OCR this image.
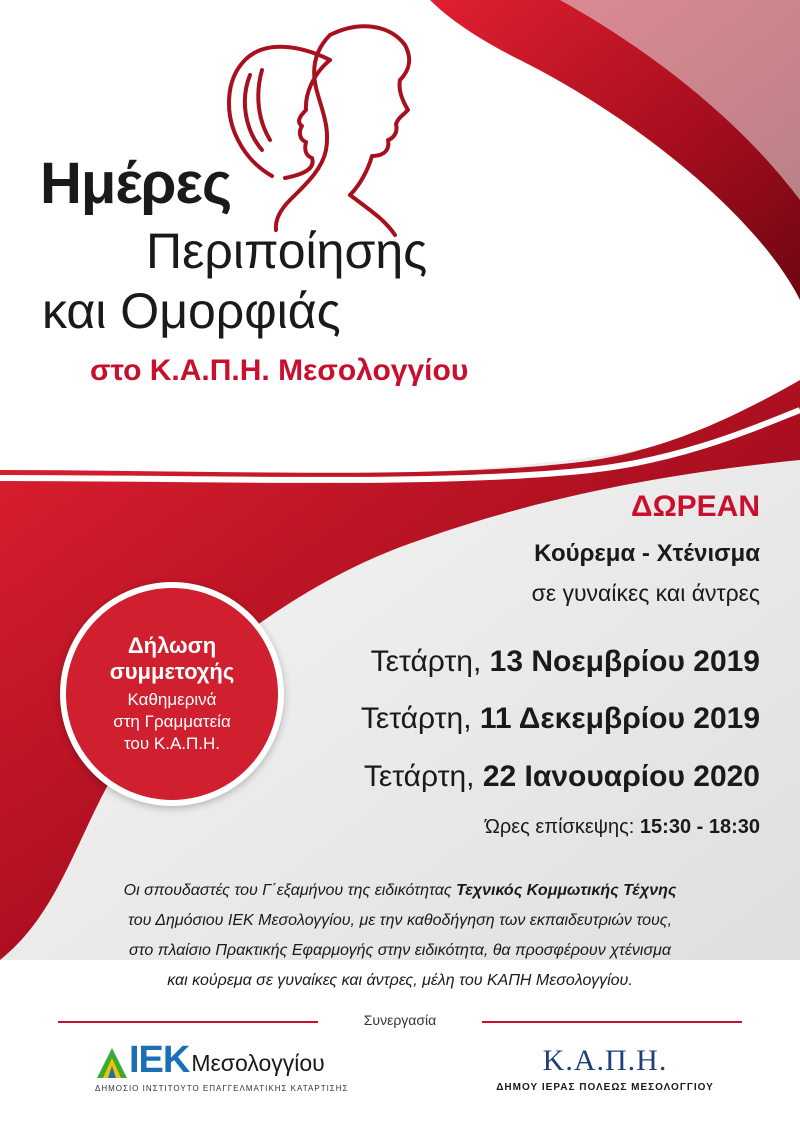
Ημέρες
Περιποίησης
και Ομορφιάς
στο Κ.Α.Π.Η. Μεσολογγίου
ΔΩΡΕΑΝ
Κούρεμα - Χτένισμα
σε γυναίκες και άντρες
Τετάρτη, 13 Νοεμβρίου 2019
Τετάρτη, 11 Δεκεμβρίου 2019
Τετάρτη, 22 Ιανουαρίου 2020
Ώρες επίσκεψης: 15:30 - 18:30
Δήλωση
συμμετοχής
Καθημερινά
στη Γραμματεία
του Κ.Α.Π.Η.
Οι σπουδαστές του Γ΄εξαμήνου της ειδικότητας Τεχνικός Κομμωτικής Τέχνης
του Δημόσιου ΙΕΚ Μεσολογγίου, με την καθοδήγηση των εκπαιδευτριών τους,
στο πλαίσιο Πρακτικής Εφαρμογής στην ειδικότητα, θα προσφέρουν χτένισμα
και κούρεμα σε γυναίκες και άντρες, μέλη του ΚΑΠΗ Μεσολογγίου.
Συνεργασία
ΙΕΚ Μεσολογγίου
ΔΗΜΟΣΙΟ ΙΝΣΤΙΤΟΥΤΟ ΕΠΑΓΓΕΛΜΑΤΙΚΗΣ ΚΑΤΑΡΤΙΣΗΣ
Κ.Α.Π.Η.
ΔΗΜΟΥ ΙΕΡΑΣ ΠΟΛΕΩΣ ΜΕΣΟΛΟΓΓΙΟΥ
